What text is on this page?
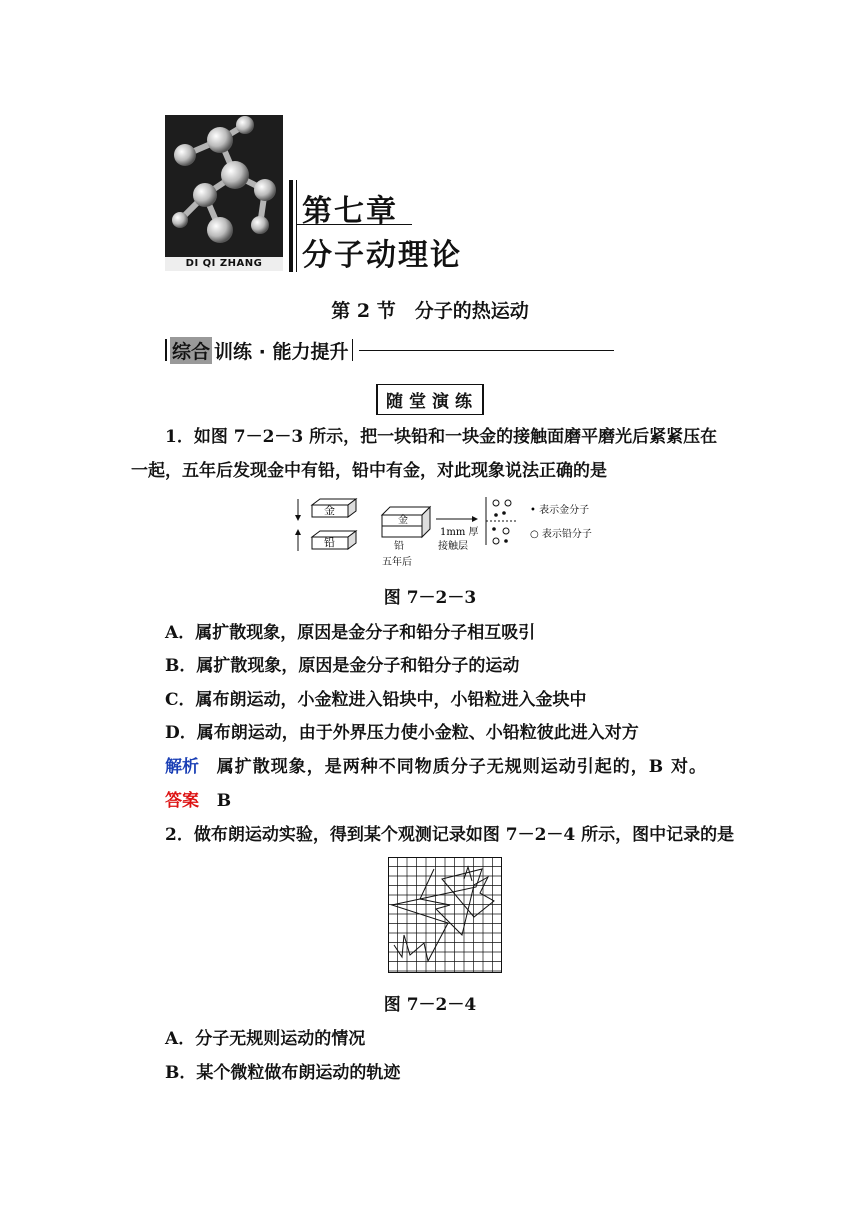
DI QI ZHANG
第七章
分子动理论
第 2 节　分子的热运动
综合 训练 · 能力提升
随堂演练
1．如图 7－2－3 所示，把一块铅和一块金的接触面磨平磨光后紧紧压在一起，五年后发现金中有铅，铅中有金，对此现象说法正确的是
金
铅
金
铅
五年后
1mm 厚
接触层
• 表示金分子
○ 表示铅分子
图 7－2－3
A．属扩散现象，原因是金分子和铅分子相互吸引
B．属扩散现象，原因是金分子和铅分子的运动
C．属布朗运动，小金粒进入铅块中，小铅粒进入金块中
D．属布朗运动，由于外界压力使小金粒、小铅粒彼此进入对方
解析 属扩散现象，是两种不同物质分子无规则运动引起的，B 对。
答案 B
2．做布朗运动实验，得到某个观测记录如图 7－2－4 所示，图中记录的是
图 7－2－4
A．分子无规则运动的情况
B．某个微粒做布朗运动的轨迹
